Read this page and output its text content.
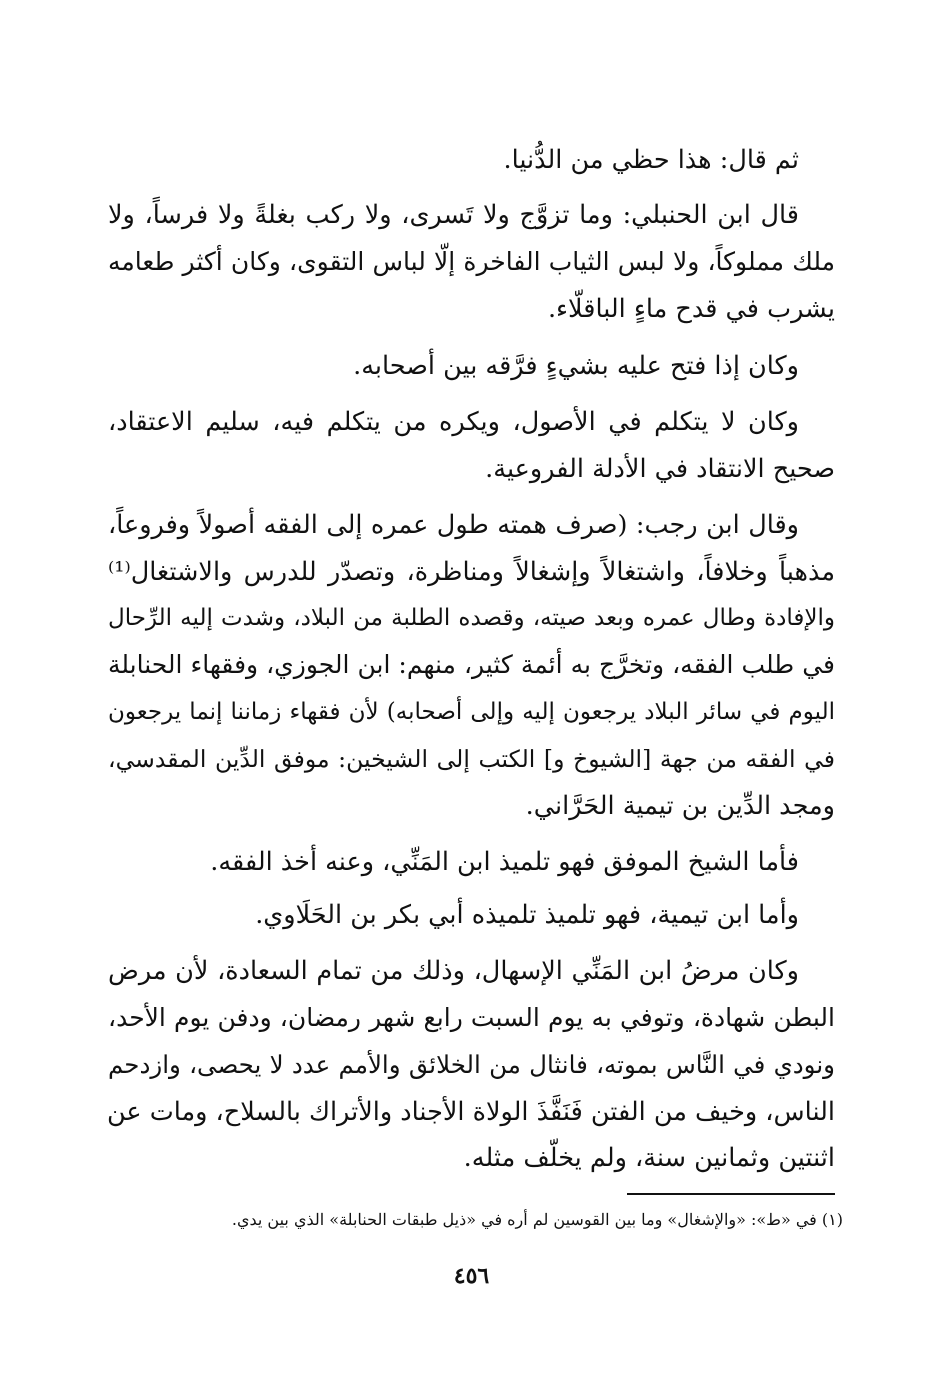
ثم قال: هذا حظي من الدُّنيا.
قال ابن الحنبلي: وما تزوَّج ولا تَسرى، ولا ركب بغلةً ولا فرساً، ولا
ملك مملوكاً، ولا لبس الثياب الفاخرة إلّا لباس التقوى، وكان أكثر طعامه
يشرب في قدح ماءٍ الباقلّاء.
وكان إذا فتح عليه بشيءٍ فرَّقه بين أصحابه.
وكان لا يتكلم في الأصول، ويكره من يتكلم فيه، سليم الاعتقاد،
صحيح الانتقاد في الأدلة الفروعية.
وقال ابن رجب: (صرف همته طول عمره إلى الفقه أصولاً وفروعاً،
مذهباً وخلافاً، واشتغالاً وإشغالاً ومناظرة، وتصدّر للدرس والاشتغال⁽¹⁾
والإفادة وطال عمره وبعد صيته، وقصده الطلبة من البلاد، وشدت إليه الرِّحال
في طلب الفقه، وتخرَّج به أئمة كثير، منهم: ابن الجوزي، وفقهاء الحنابلة
اليوم في سائر البلاد يرجعون إليه وإلى أصحابه) لأن فقهاء زماننا إنما يرجعون
في الفقه من جهة [الشيوخ و] الكتب إلى الشيخين: موفق الدِّين المقدسي،
ومجد الدِّين بن تيمية الحَرَّاني.
فأما الشيخ الموفق فهو تلميذ ابن المَنِّي، وعنه أخذ الفقه.
وأما ابن تيمية، فهو تلميذ تلميذه أبي بكر بن الحَلَاوي.
وكان مرضُ ابن المَنِّي الإسهال، وذلك من تمام السعادة، لأن مرض
البطن شهادة، وتوفي به يوم السبت رابع شهر رمضان، ودفن يوم الأحد،
ونودي في النَّاس بموته، فانثال من الخلائق والأمم عدد لا يحصى، وازدحم
الناس، وخيف من الفتن فَنَفَّذَ الولاة الأجناد والأتراك بالسلاح، ومات عن
اثنتين وثمانين سنة، ولم يخلّف مثله.
(١) في «ط»: «والإشغال» وما بين القوسين لم أره في «ذيل طبقات الحنابلة» الذي بين يدي.
٤٥٦
